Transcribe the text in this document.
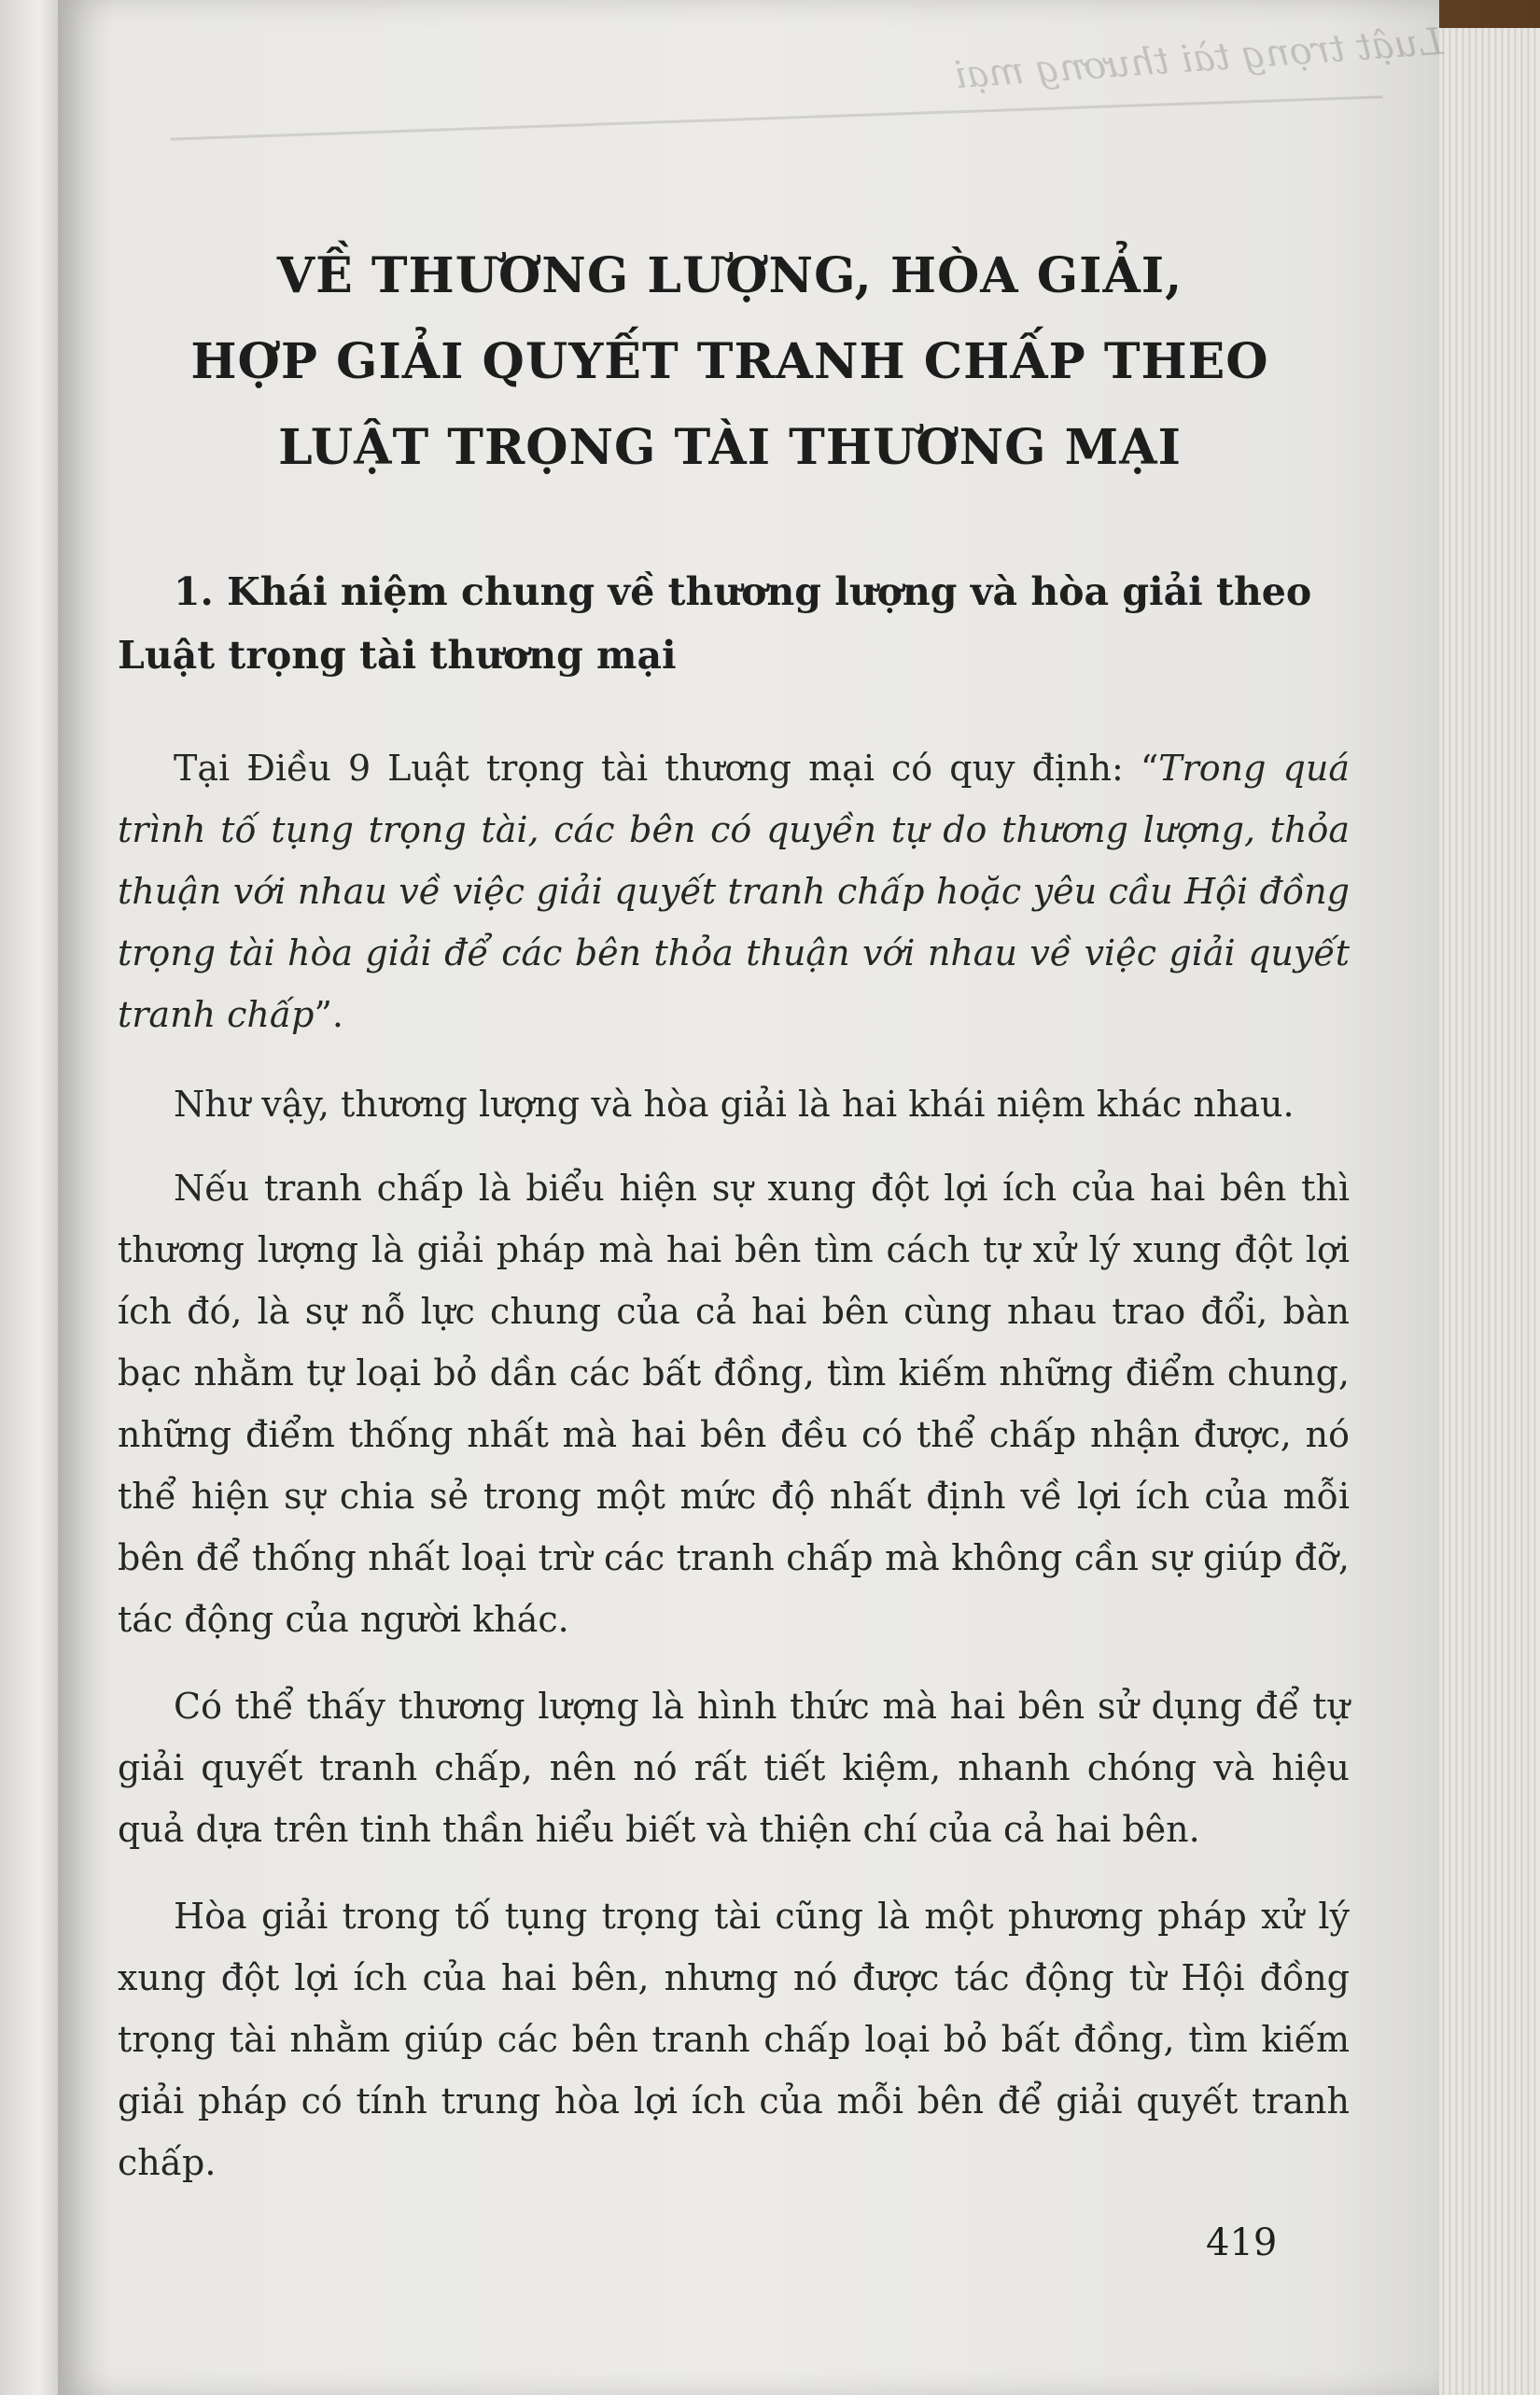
Luật trọng tài thương mại
VỀ THƯƠNG LƯỢNG, HÒA GIẢI,
HỢP GIẢI QUYẾT TRANH CHẤP THEO
LUẬT TRỌNG TÀI THƯƠNG MẠI
1. Khái niệm chung về thương lượng và hòa giải theo
Luật trọng tài thương mại
Tại Điều 9 Luật trọng tài thương mại có quy định: “Trong quá trình tố tụng trọng tài, các bên có quyền tự do thương lượng, thỏa thuận với nhau về việc giải quyết tranh chấp hoặc yêu cầu Hội đồng trọng tài hòa giải để các bên thỏa thuận với nhau về việc giải quyết tranh chấp”.
Như vậy, thương lượng và hòa giải là hai khái niệm khác nhau.
Nếu tranh chấp là biểu hiện sự xung đột lợi ích của hai bên thì thương lượng là giải pháp mà hai bên tìm cách tự xử lý xung đột lợi ích đó, là sự nỗ lực chung của cả hai bên cùng nhau trao đổi, bàn bạc nhằm tự loại bỏ dần các bất đồng, tìm kiếm những điểm chung, những điểm thống nhất mà hai bên đều có thể chấp nhận được, nó thể hiện sự chia sẻ trong một mức độ nhất định về lợi ích của mỗi bên để thống nhất loại trừ các tranh chấp mà không cần sự giúp đỡ, tác động của người khác.
Có thể thấy thương lượng là hình thức mà hai bên sử dụng để tự giải quyết tranh chấp, nên nó rất tiết kiệm, nhanh chóng và hiệu quả dựa trên tinh thần hiểu biết và thiện chí của cả hai bên.
Hòa giải trong tố tụng trọng tài cũng là một phương pháp xử lý xung đột lợi ích của hai bên, nhưng nó được tác động từ Hội đồng trọng tài nhằm giúp các bên tranh chấp loại bỏ bất đồng, tìm kiếm giải pháp có tính trung hòa lợi ích của mỗi bên để giải quyết tranh chấp.
419
